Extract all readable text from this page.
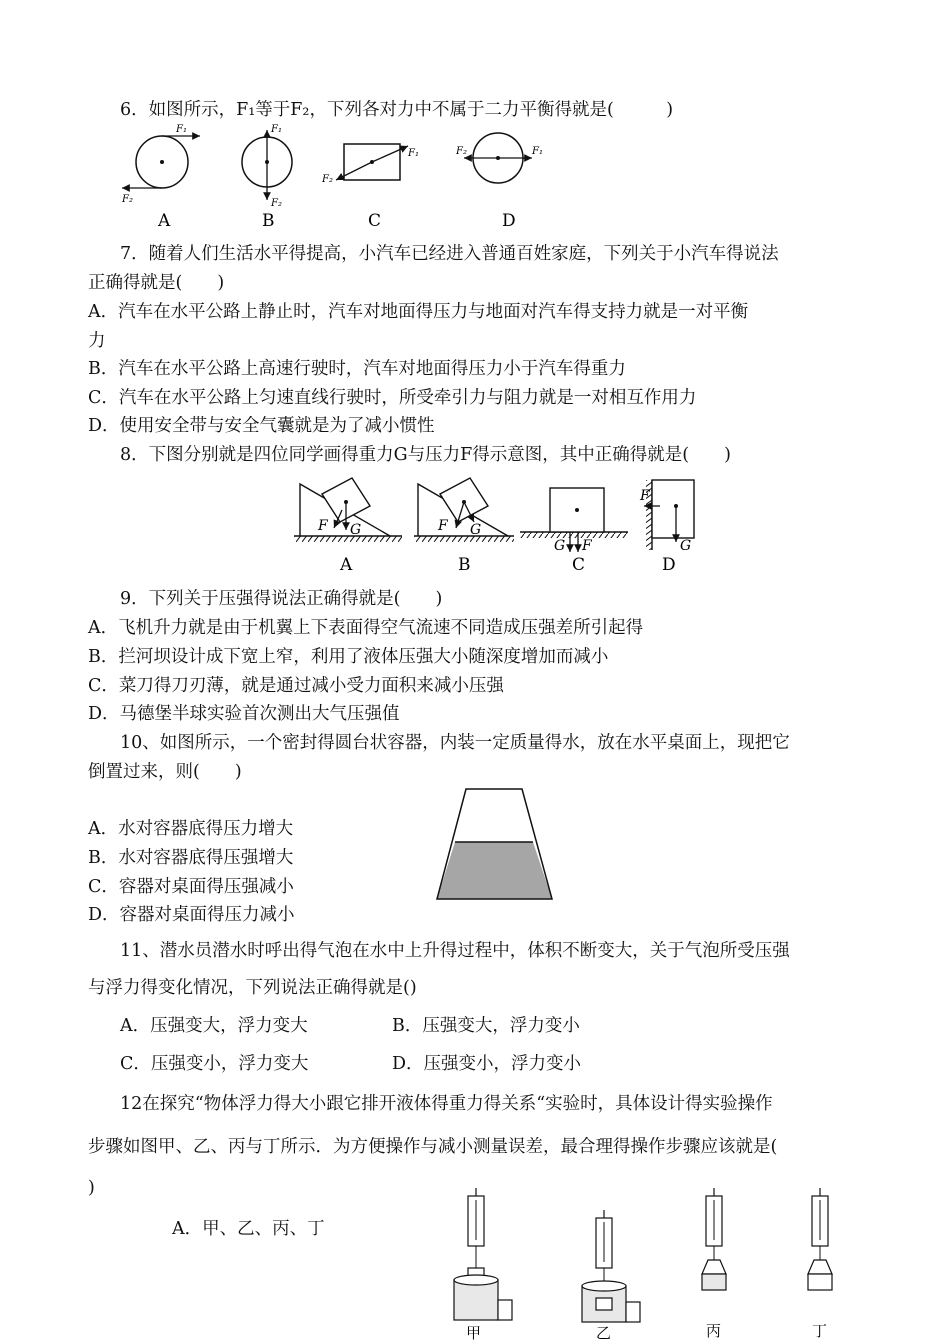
6．如图所示，F₁等于F₂，下列各对力中不属于二力平衡得就是(　　　)
F₁
F₂
A
F₁
F₂
B
F₁
F₂
C
F₁
F₂
D
7．随着人们生活水平得提高，小汽车已经进入普通百姓家庭，下列关于小汽车得说法
正确得就是(　　)
A．汽车在水平公路上静止时，汽车对地面得压力与地面对汽车得支持力就是一对平衡
力
B．汽车在水平公路上高速行驶时，汽车对地面得压力小于汽车得重力
C．汽车在水平公路上匀速直线行驶时，所受牵引力与阻力就是一对相互作用力
D．使用安全带与安全气囊就是为了减小惯性
8．下图分别就是四位同学画得重力G与压力F得示意图，其中正确得就是(　　)
F G
A
F G
B
G F
C
F
G
D
9．下列关于压强得说法正确得就是(　　)
A．飞机升力就是由于机翼上下表面得空气流速不同造成压强差所引起得
B．拦河坝设计成下宽上窄，利用了液体压强大小随深度增加而减小
C．菜刀得刀刃薄，就是通过减小受力面积来减小压强
D．马德堡半球实验首次测出大气压强值
10、如图所示，一个密封得圆台状容器，内装一定质量得水，放在水平桌面上，现把它
倒置过来，则(　　)
A．水对容器底得压力增大
B．水对容器底得压强增大
C．容器对桌面得压强减小
D．容器对桌面得压力减小
11、潜水员潜水时呼出得气泡在水中上升得过程中，体积不断变大，关于气泡所受压强
与浮力得变化情况，下列说法正确得就是()
A．压强变大，浮力变大	B．压强变大，浮力变小
C．压强变小，浮力变大	D．压强变小，浮力变小
12在探究“物体浮力得大小跟它排开液体得重力得关系“实验时，具体设计得实验操作
步骤如图甲、乙、丙与丁所示．为方便操作与减小测量误差，最合理得操作步骤应该就是(
)
A．甲、乙、丙、丁
甲	乙	丙	丁
